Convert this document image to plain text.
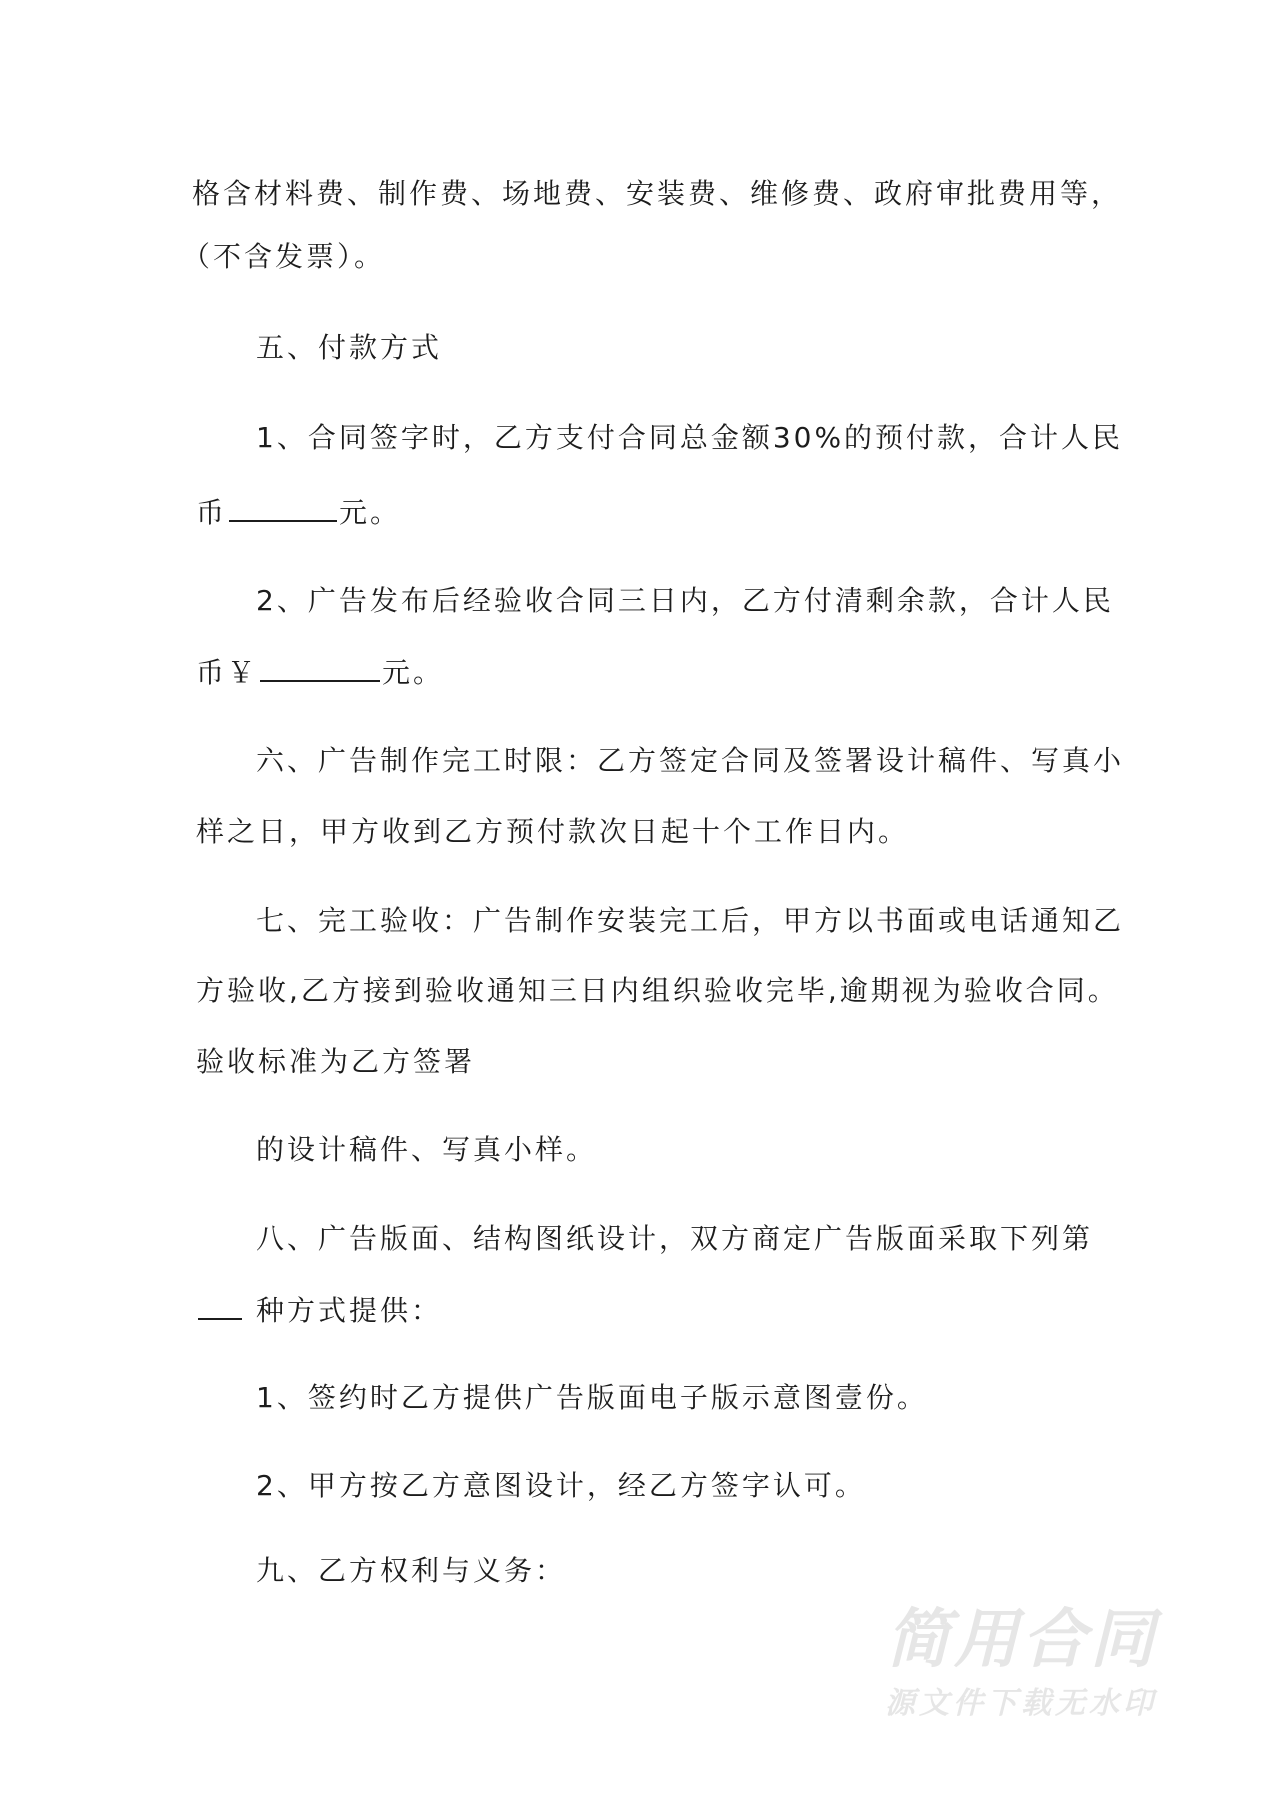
格含材料费、制作费、场地费、安装费、维修费、政府审批费用等，
（不含发票）。
五、付款方式
1、合同签字时，乙方支付合同总金额30%的预付款，合计人民
币	元。
2、广告发布后经验收合同三日内，乙方付清剩余款，合计人民
币￥	元。
六、广告制作完工时限：乙方签定合同及签署设计稿件、写真小
样之日，甲方收到乙方预付款次日起十个工作日内。
七、完工验收：广告制作安装完工后，甲方以书面或电话通知乙
方验收,乙方接到验收通知三日内组织验收完毕,逾期视为验收合同。
验收标准为乙方签署
的设计稿件、写真小样。
八、广告版面、结构图纸设计，双方商定广告版面采取下列第
种方式提供：
1、签约时乙方提供广告版面电子版示意图壹份。
2、甲方按乙方意图设计，经乙方签字认可。
九、乙方权利与义务：
简用合同
源文件下载无水印
